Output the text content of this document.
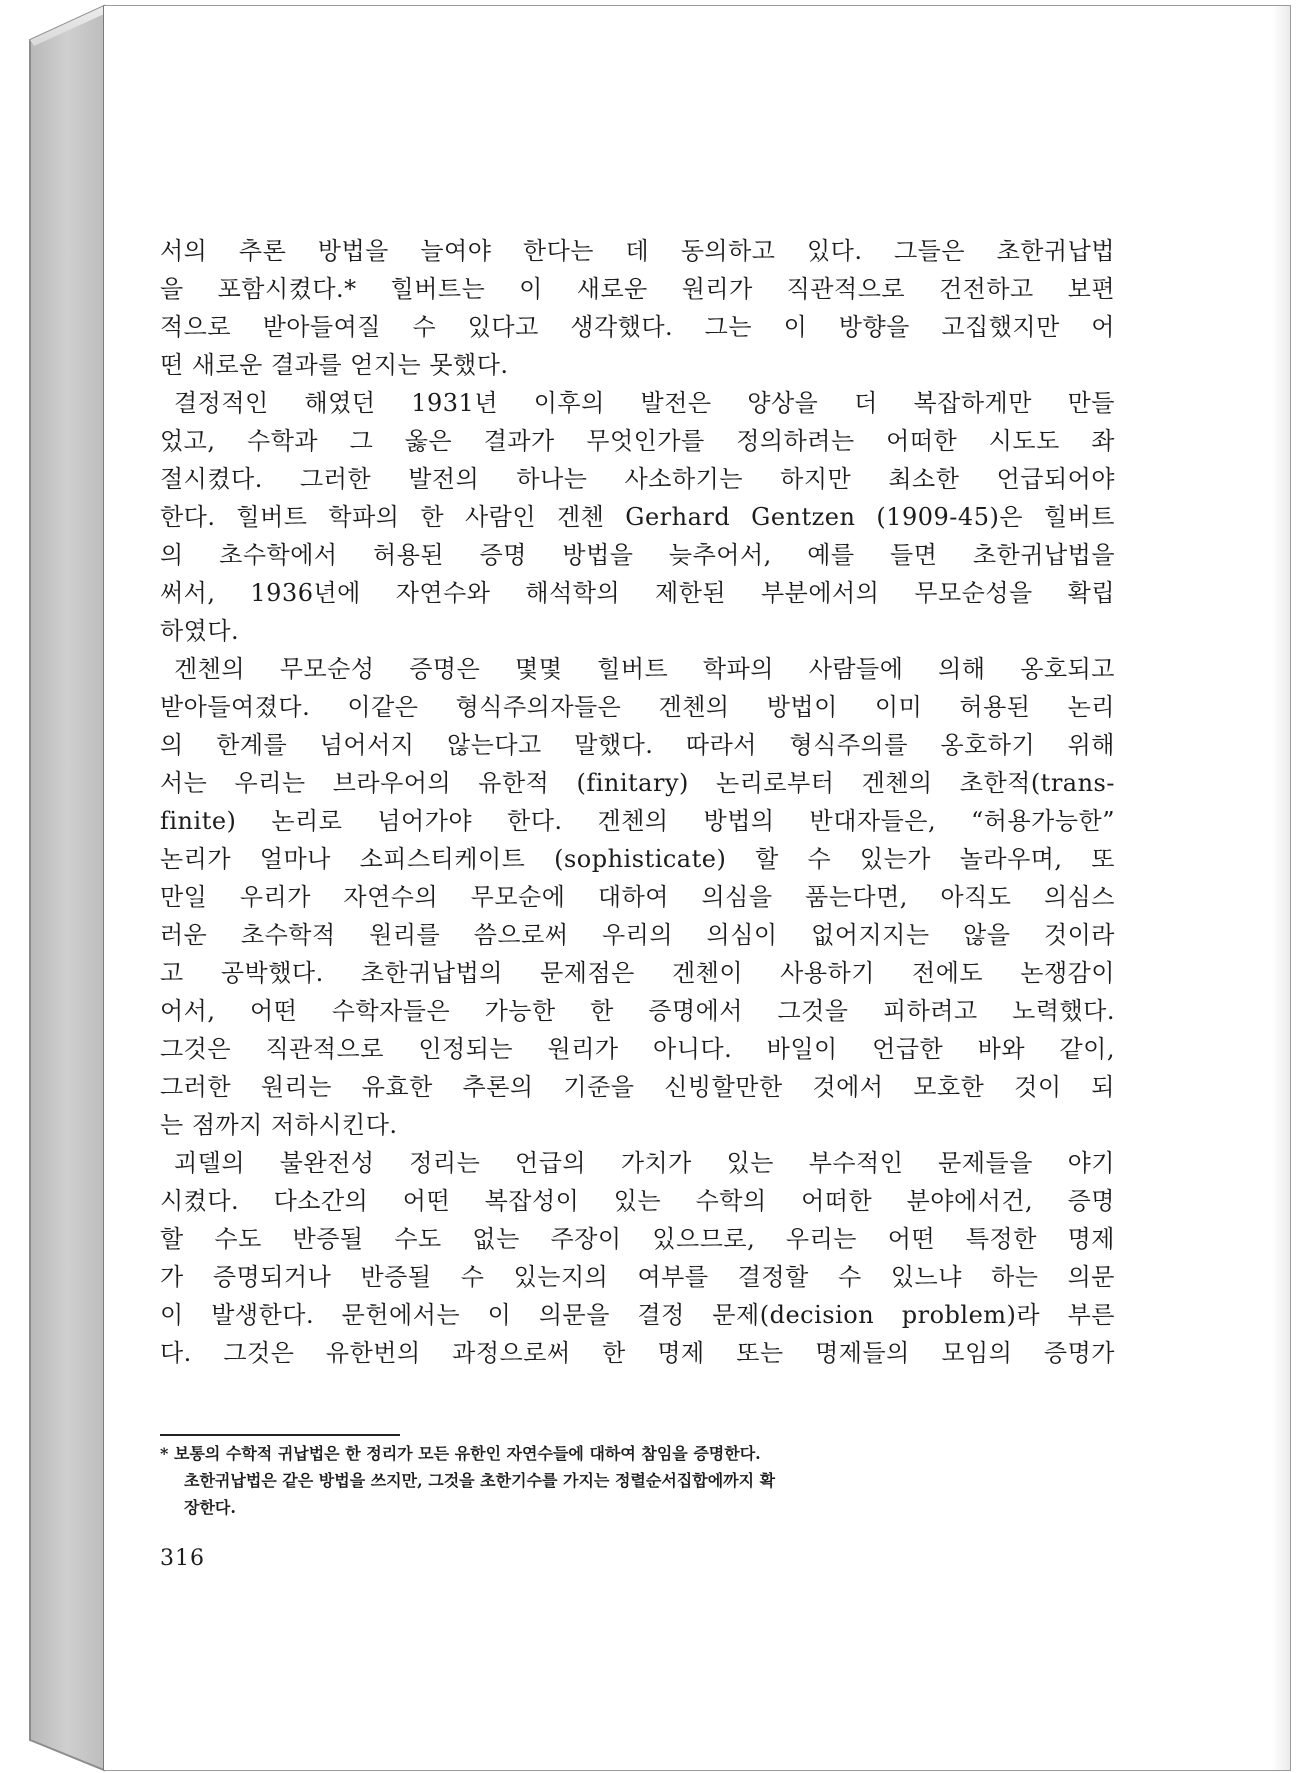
서의 추론 방법을 늘여야 한다는 데 동의하고 있다. 그들은 초한귀납법
을 포함시켰다.* 힐버트는 이 새로운 원리가 직관적으로 건전하고 보편
적으로 받아들여질 수 있다고 생각했다. 그는 이 방향을 고집했지만 어
떤 새로운 결과를 얻지는 못했다.
결정적인 해였던 1931년 이후의 발전은 양상을 더 복잡하게만 만들
었고, 수학과 그 옳은 결과가 무엇인가를 정의하려는 어떠한 시도도 좌
절시켰다. 그러한 발전의 하나는 사소하기는 하지만 최소한 언급되어야
한다. 힐버트 학파의 한 사람인 겐첸 Gerhard Gentzen (1909-45)은 힐버트
의 초수학에서 허용된 증명 방법을 늦추어서, 예를 들면 초한귀납법을
써서, 1936년에 자연수와 해석학의 제한된 부분에서의 무모순성을 확립
하였다.
겐첸의 무모순성 증명은 몇몇 힐버트 학파의 사람들에 의해 옹호되고
받아들여졌다. 이같은 형식주의자들은 겐첸의 방법이 이미 허용된 논리
의 한계를 넘어서지 않는다고 말했다. 따라서 형식주의를 옹호하기 위해
서는 우리는 브라우어의 유한적 (finitary) 논리로부터 겐첸의 초한적(trans-
finite) 논리로 넘어가야 한다. 겐첸의 방법의 반대자들은, “허용가능한”
논리가 얼마나 소피스티케이트 (sophisticate) 할 수 있는가 놀라우며, 또
만일 우리가 자연수의 무모순에 대하여 의심을 품는다면, 아직도 의심스
러운 초수학적 원리를 씀으로써 우리의 의심이 없어지지는 않을 것이라
고 공박했다. 초한귀납법의 문제점은 겐첸이 사용하기 전에도 논쟁감이
어서, 어떤 수학자들은 가능한 한 증명에서 그것을 피하려고 노력했다.
그것은 직관적으로 인정되는 원리가 아니다. 바일이 언급한 바와 같이,
그러한 원리는 유효한 추론의 기준을 신빙할만한 것에서 모호한 것이 되
는 점까지 저하시킨다.
괴델의 불완전성 정리는 언급의 가치가 있는 부수적인 문제들을 야기
시켰다. 다소간의 어떤 복잡성이 있는 수학의 어떠한 분야에서건, 증명
할 수도 반증될 수도 없는 주장이 있으므로, 우리는 어떤 특정한 명제
가 증명되거나 반증될 수 있는지의 여부를 결정할 수 있느냐 하는 의문
이 발생한다. 문헌에서는 이 의문을 결정 문제(decision problem)라 부른
다. 그것은 유한번의 과정으로써 한 명제 또는 명제들의 모임의 증명가
* 보통의 수학적 귀납법은 한 정리가 모든 유한인 자연수들에 대하여 참임을 증명한다.
초한귀납법은 같은 방법을 쓰지만, 그것을 초한기수를 가지는 정렬순서집합에까지 확
장한다.
316
